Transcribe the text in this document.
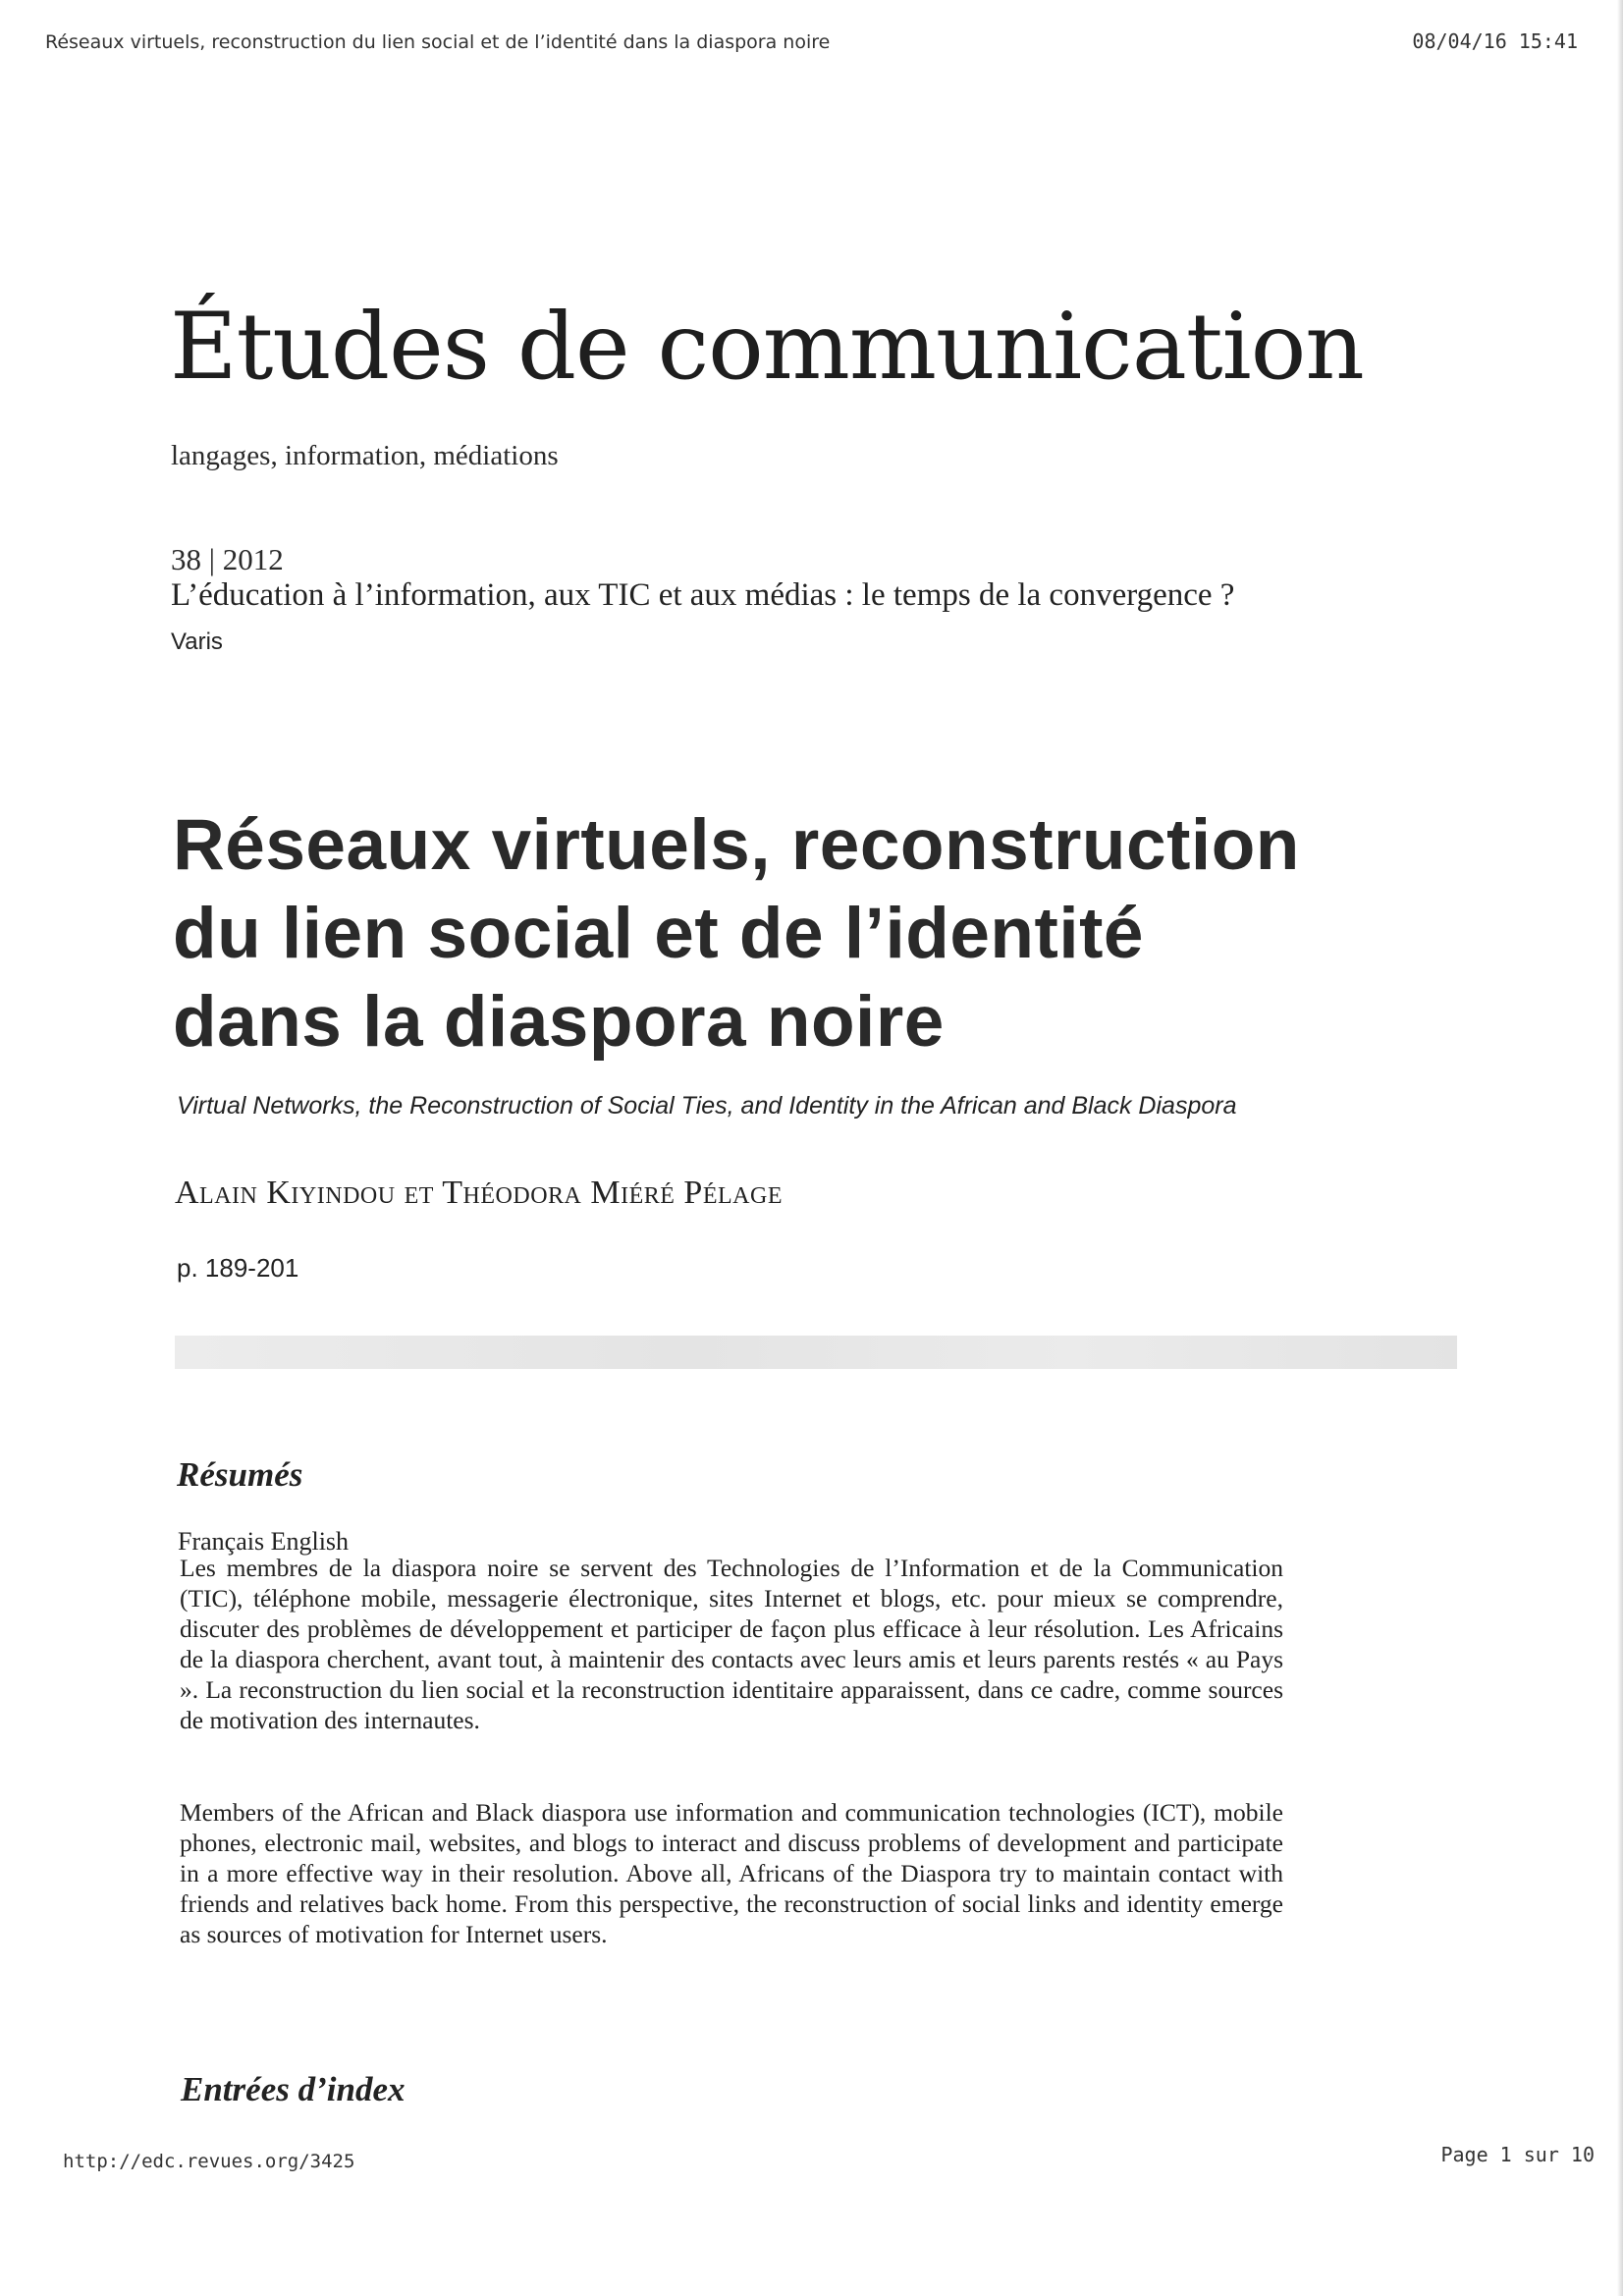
Réseaux virtuels, reconstruction du lien social et de l’identité dans la diaspora noire	08/04/16 15:41
Études de communication
langages, information, médiations
38 | 2012
L’éducation à l’information, aux TIC et aux médias : le temps de la convergence ?
Varis
Réseaux virtuels, reconstruction
du lien social et de l’identité
dans la diaspora noire
Virtual Networks, the Reconstruction of Social Ties, and Identity in the African and Black Diaspora
Alain Kiyindou et Théodora Miéré Pélage
p. 189-201
Résumés
Français English

Les membres de la diaspora noire se servent des Technologies de l’Information et de la Communication (TIC), téléphone mobile, messagerie électronique, sites Internet et blogs, etc. pour mieux se comprendre, discuter des problèmes de développement et participer de façon plus efficace à leur résolution. Les Africains de la diaspora cherchent, avant tout, à maintenir des contacts avec leurs amis et leurs parents restés « au Pays ». La reconstruction du lien social et la reconstruction identitaire apparaissent, dans ce cadre, comme sources de motivation des internautes.

Members of the African and Black diaspora use information and communication technologies (ICT), mobile phones, electronic mail, websites, and blogs to interact and discuss problems of development and participate in a more effective way in their resolution. Above all, Africans of the Diaspora try to maintain contact with friends and relatives back home. From this perspective, the reconstruction of social links and identity emerge as sources of motivation for Internet users.

Entrées d’index
http://edc.revues.org/3425	Page 1 sur 10
